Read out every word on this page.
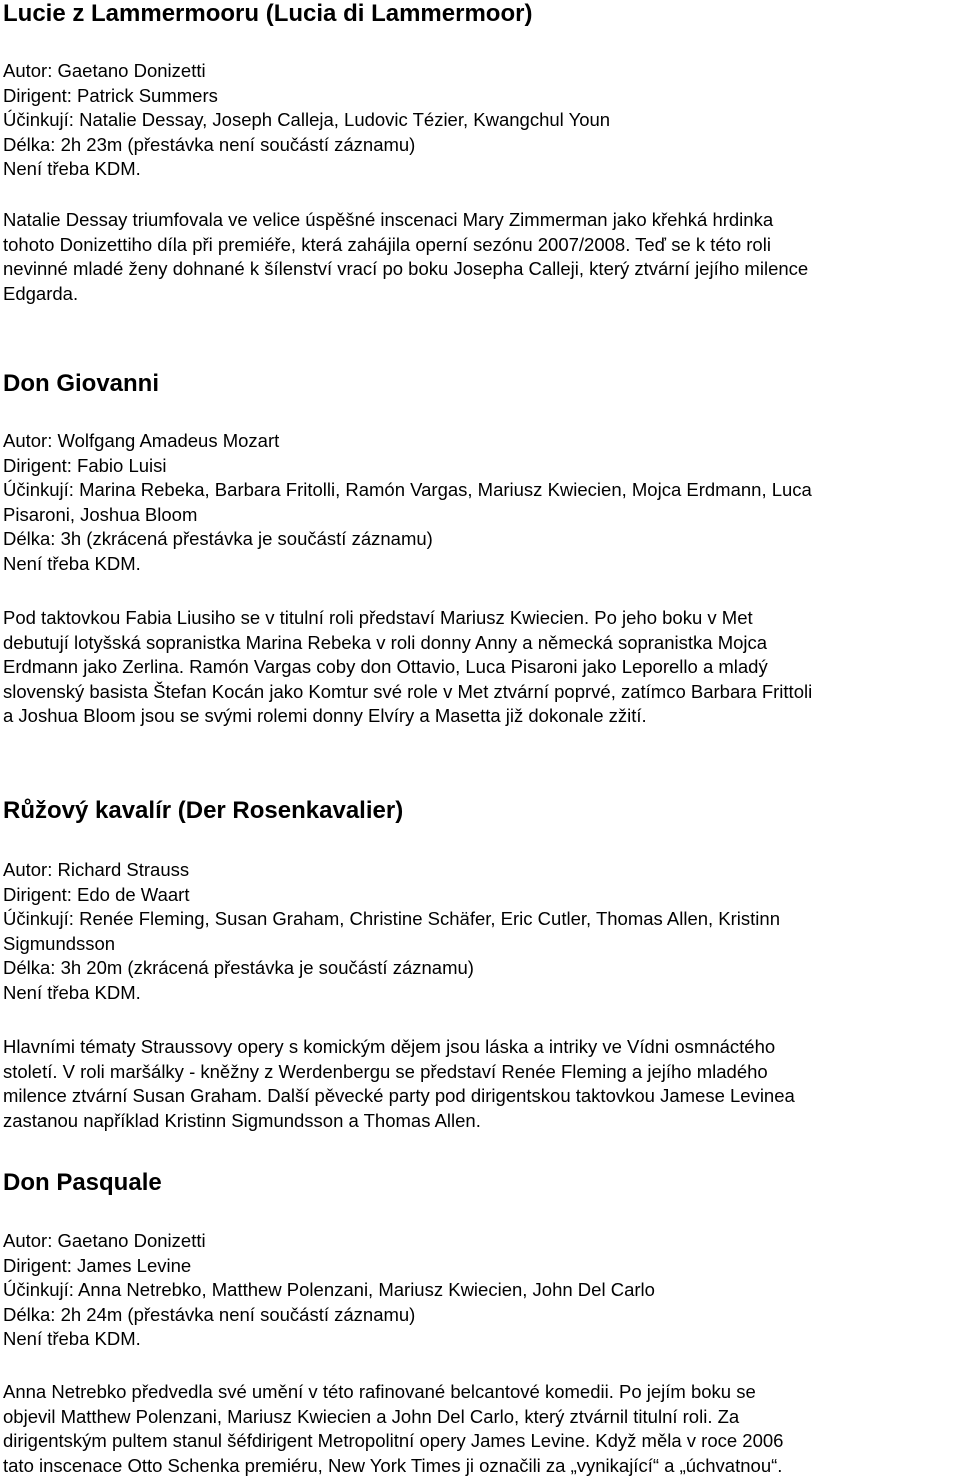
Lucie z Lammermooru (Lucia di Lammermoor)
Autor: Gaetano Donizetti
Dirigent: Patrick Summers
Účinkují: Natalie Dessay, Joseph Calleja, Ludovic Tézier, Kwangchul Youn
Délka: 2h 23m (přestávka není součástí záznamu)
Není třeba KDM.

Natalie Dessay triumfovala ve velice úspěšné inscenaci Mary Zimmerman jako křehká hrdinka
tohoto Donizettiho díla při premiéře, která zahájila operní sezónu 2007/2008. Teď se k této roli
nevinné mladé ženy dohnané k šílenství vrací po boku Josepha Calleji, který ztvární jejího milence
Edgarda.

Don Giovanni
Autor: Wolfgang Amadeus Mozart
Dirigent: Fabio Luisi
Účinkují: Marina Rebeka, Barbara Fritolli, Ramón Vargas, Mariusz Kwiecien, Mojca Erdmann, Luca
Pisaroni, Joshua Bloom
Délka: 3h (zkrácená přestávka je součástí záznamu)
Není třeba KDM.

Pod taktovkou Fabia Liusiho se v titulní roli představí Mariusz Kwiecien. Po jeho boku v Met
debutují lotyšská sopranistka Marina Rebeka v roli donny Anny a německá sopranistka Mojca
Erdmann jako Zerlina. Ramón Vargas coby don Ottavio, Luca Pisaroni jako Leporello a mladý
slovenský basista Štefan Kocán jako Komtur své role v Met ztvární poprvé, zatímco Barbara Frittoli
a Joshua Bloom jsou se svými rolemi donny Elvíry a Masetta již dokonale zžití.

Růžový kavalír (Der Rosenkavalier)
Autor: Richard Strauss
Dirigent: Edo de Waart
Účinkují: Renée Fleming, Susan Graham, Christine Schäfer, Eric Cutler, Thomas Allen, Kristinn
Sigmundsson
Délka: 3h 20m (zkrácená přestávka je součástí záznamu)
Není třeba KDM.

Hlavními tématy Straussovy opery s komickým dějem jsou láska a intriky ve Vídni osmnáctého
století. V roli maršálky - kněžny z Werdenbergu se představí Renée Fleming a jejího mladého
milence ztvární Susan Graham. Další pěvecké party pod dirigentskou taktovkou Jamese Levinea
zastanou například Kristinn Sigmundsson a Thomas Allen.

Don Pasquale
Autor: Gaetano Donizetti
Dirigent: James Levine
Účinkují: Anna Netrebko, Matthew Polenzani, Mariusz Kwiecien, John Del Carlo
Délka: 2h 24m (přestávka není součástí záznamu)
Není třeba KDM.

Anna Netrebko předvedla své umění v této rafinované belcantové komedii. Po jejím boku se
objevil Matthew Polenzani, Mariusz Kwiecien a John Del Carlo, který ztvárnil titulní roli. Za
dirigentským pultem stanul šéfdirigent Metropolitní opery James Levine. Když měla v roce 2006
tato inscenace Otto Schenka premiéru, New York Times ji označili za „vynikající“ a „úchvatnou“.
